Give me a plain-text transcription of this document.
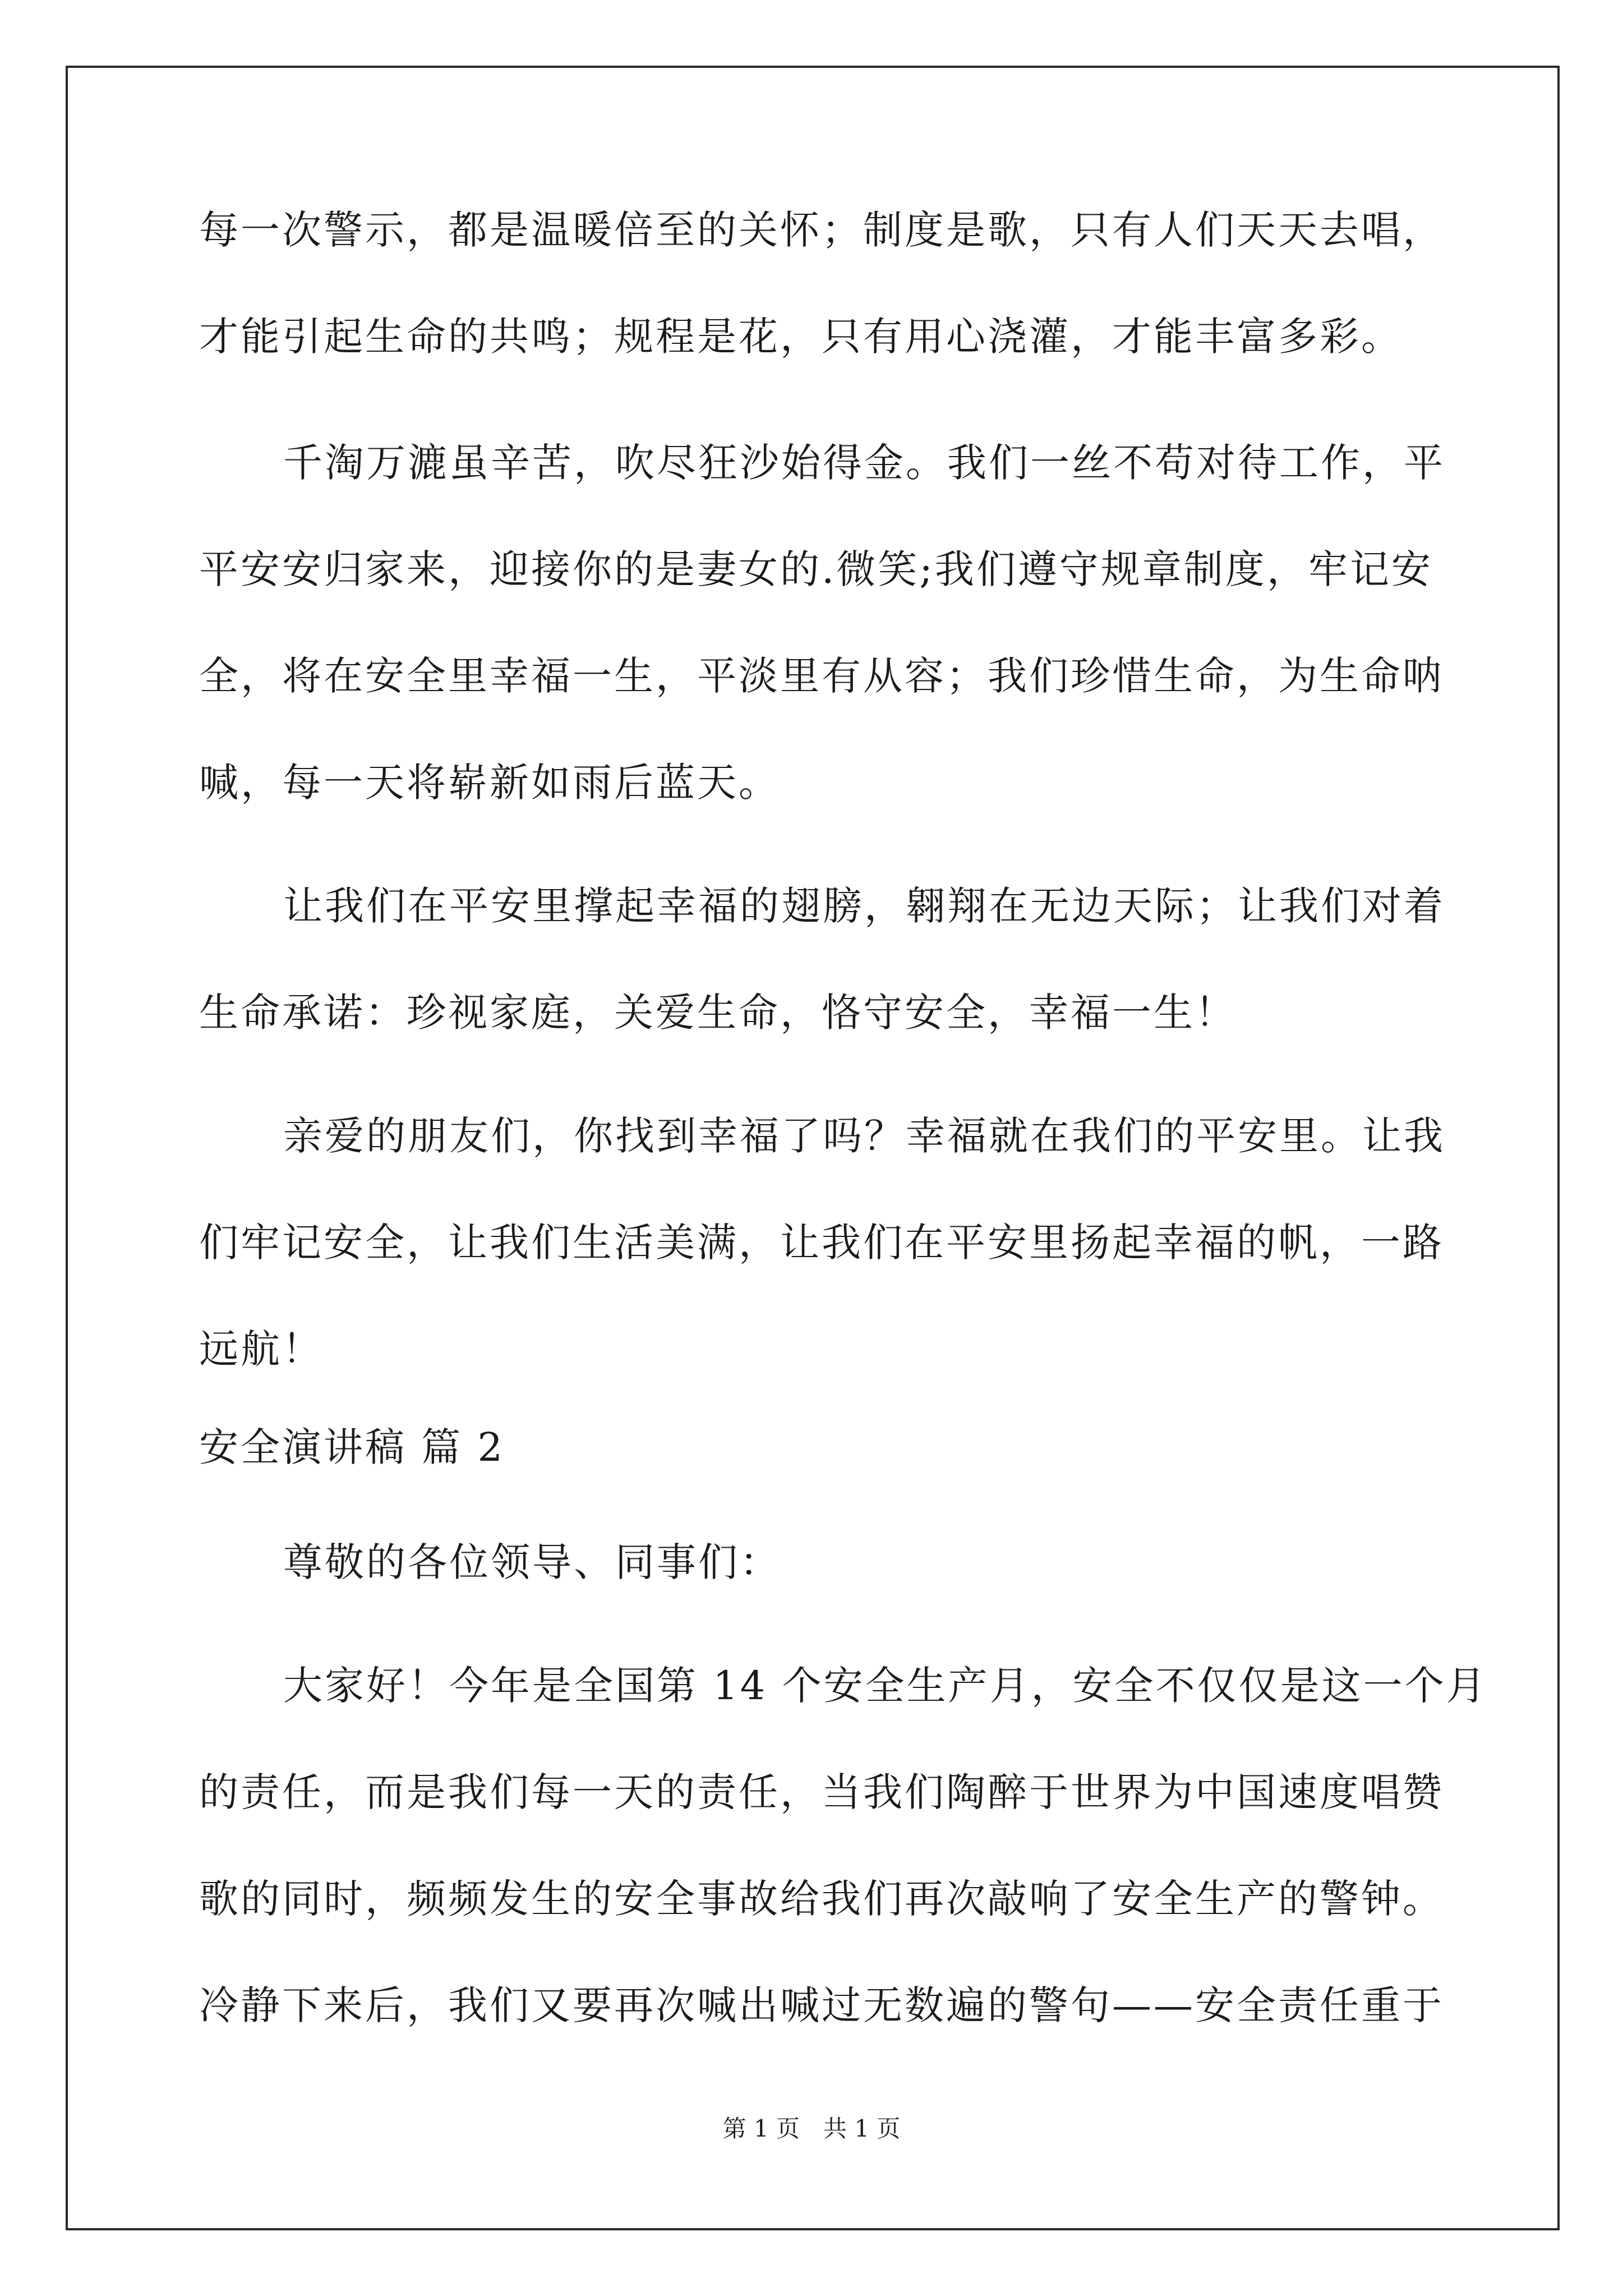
每一次警示，都是温暖倍至的关怀；制度是歌，只有人们天天去唱，
才能引起生命的共鸣；规程是花，只有用心浇灌，才能丰富多彩。
千淘万漉虽辛苦，吹尽狂沙始得金。我们一丝不苟对待工作，平
平安安归家来，迎接你的是妻女的.微笑;我们遵守规章制度，牢记安
全，将在安全里幸福一生，平淡里有从容；我们珍惜生命，为生命呐
喊，每一天将崭新如雨后蓝天。
让我们在平安里撑起幸福的翅膀，翱翔在无边天际；让我们对着
生命承诺：珍视家庭，关爱生命，恪守安全，幸福一生！
亲爱的朋友们，你找到幸福了吗？幸福就在我们的平安里。让我
们牢记安全，让我们生活美满，让我们在平安里扬起幸福的帆，一路
远航！
安全演讲稿 篇 2
尊敬的各位领导、同事们：
大家好！今年是全国第 14 个安全生产月，安全不仅仅是这一个月
的责任，而是我们每一天的责任，当我们陶醉于世界为中国速度唱赞
歌的同时，频频发生的安全事故给我们再次敲响了安全生产的警钟。
冷静下来后，我们又要再次喊出喊过无数遍的警句——安全责任重于
第 1 页　共 1 页
